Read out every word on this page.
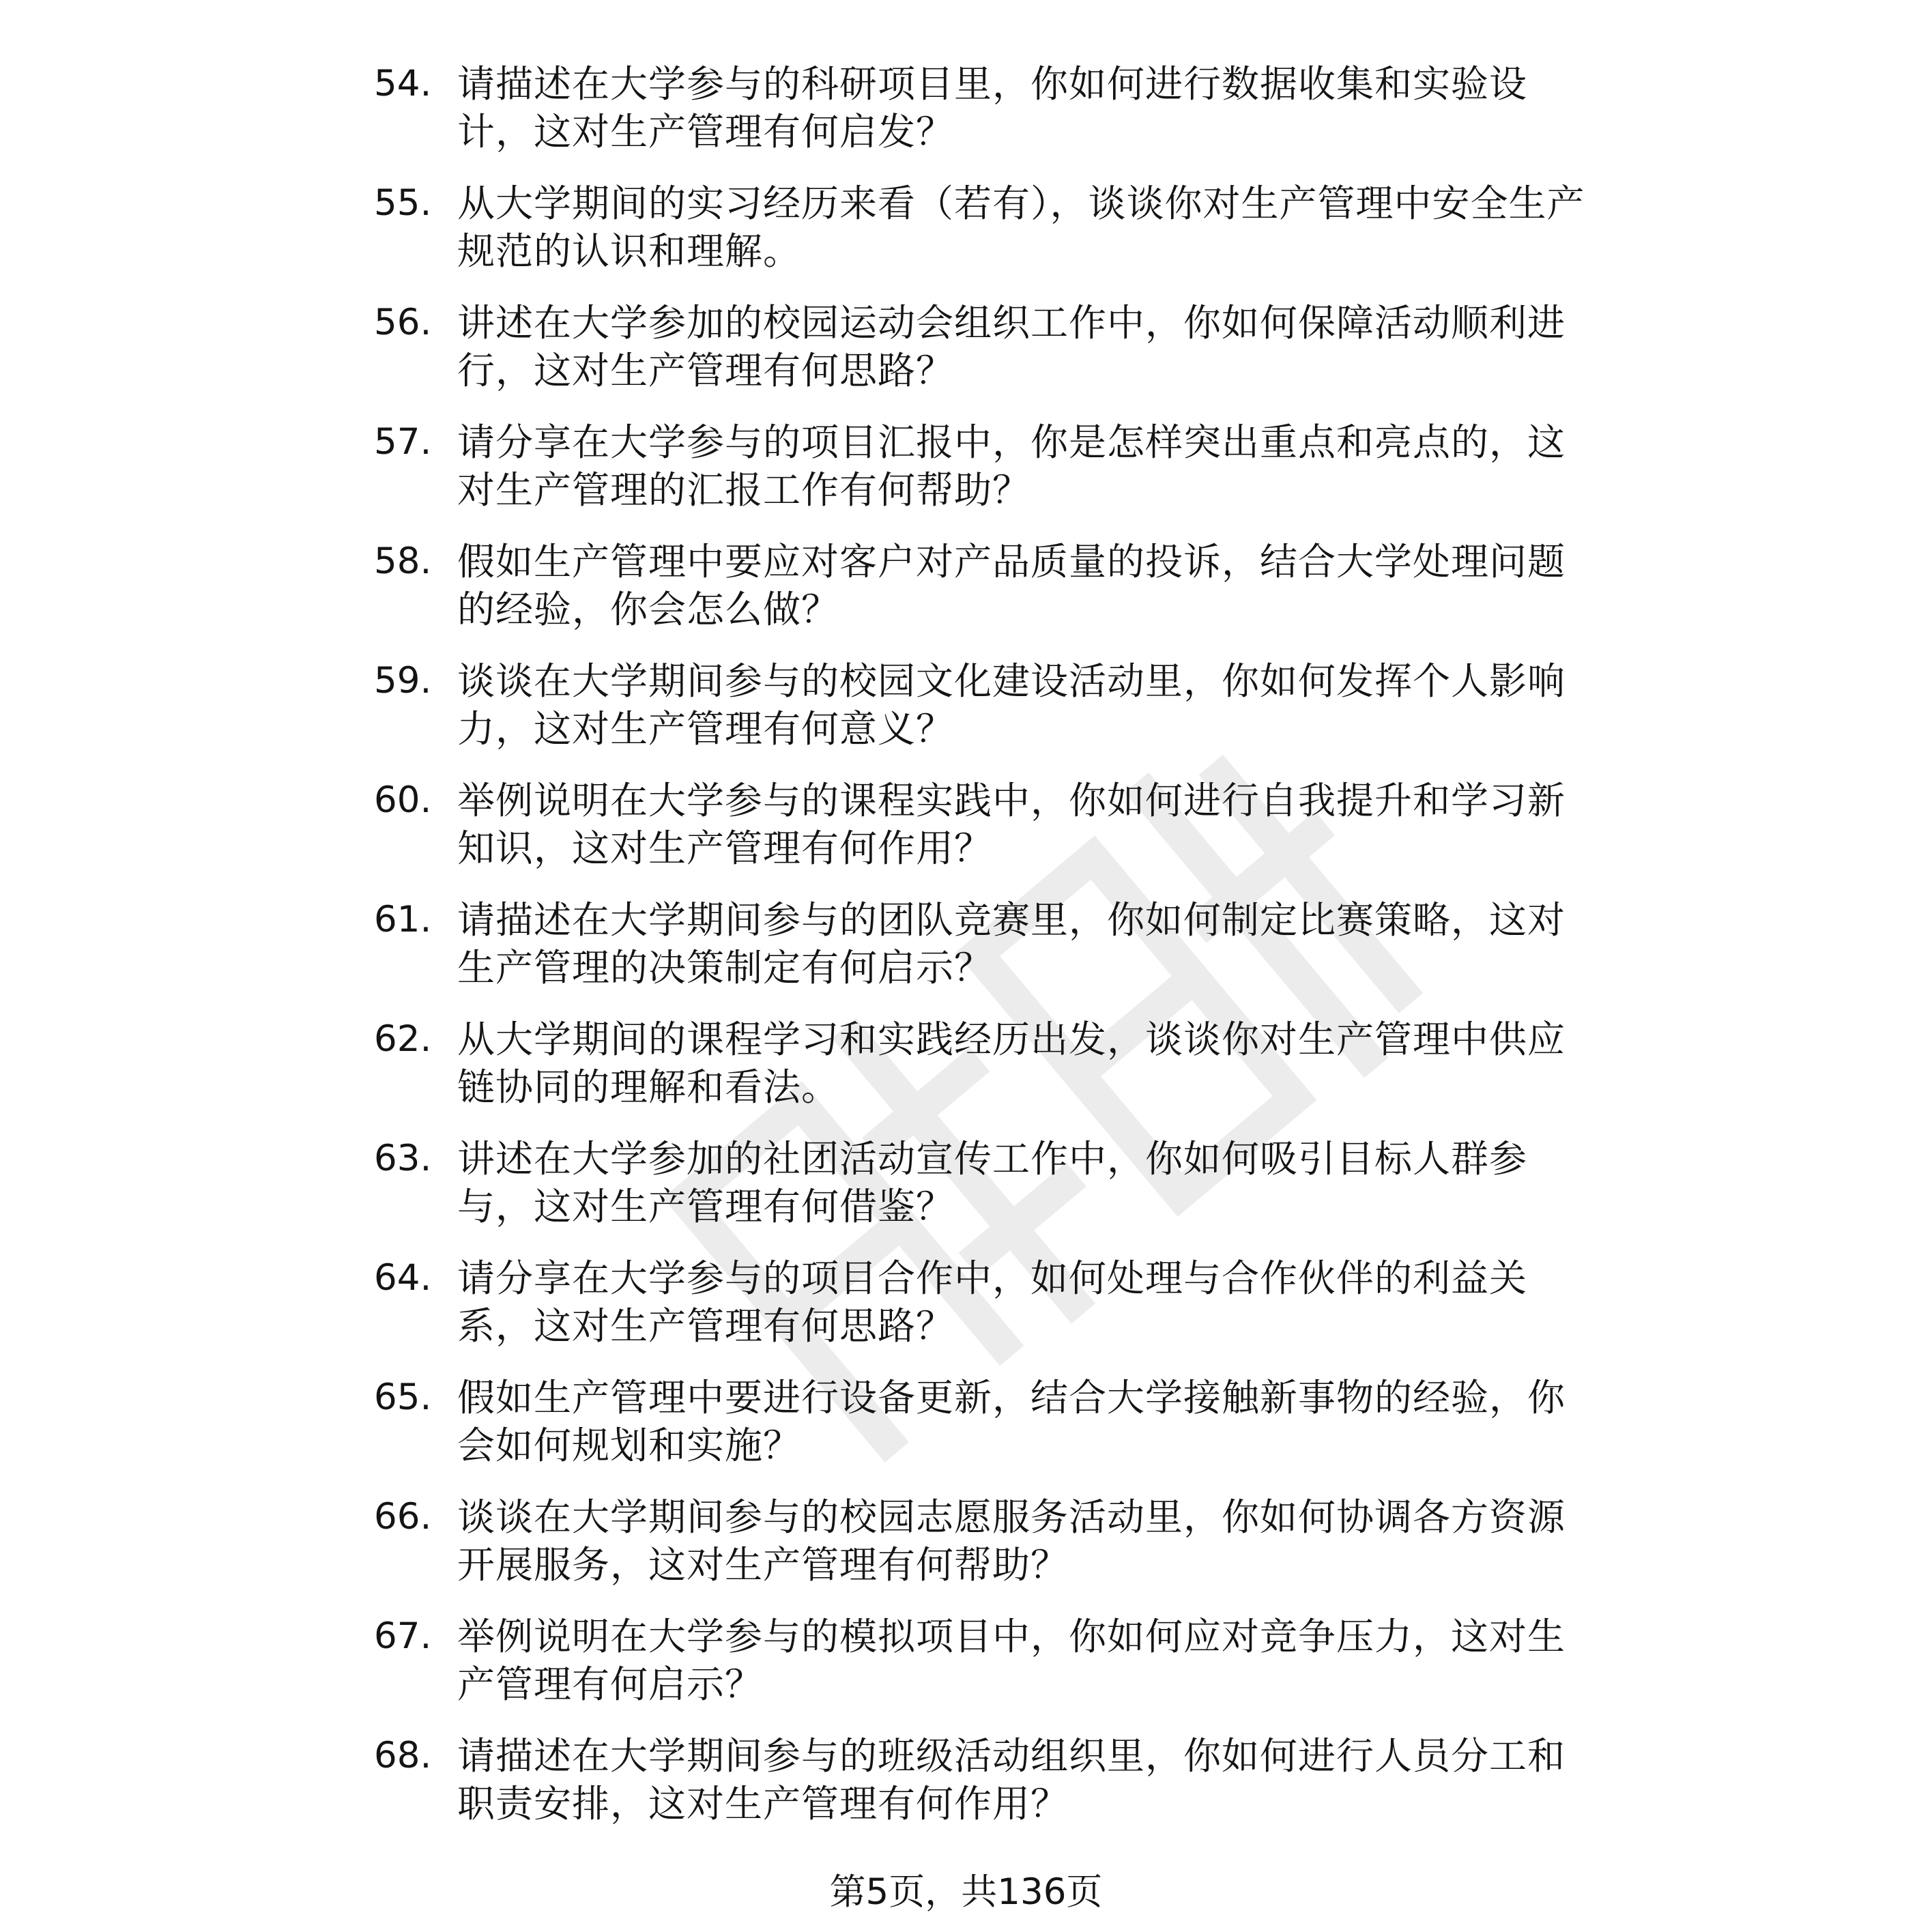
54. 请描述在大学参与的科研项目里，你如何进行数据收集和实验设计，这对生产管理有何启发？
55. 从大学期间的实习经历来看（若有），谈谈你对生产管理中安全生产规范的认识和理解。
56. 讲述在大学参加的校园运动会组织工作中，你如何保障活动顺利进行，这对生产管理有何思路？
57. 请分享在大学参与的项目汇报中，你是怎样突出重点和亮点的，这对生产管理的汇报工作有何帮助？
58. 假如生产管理中要应对客户对产品质量的投诉，结合大学处理问题的经验，你会怎么做？
59. 谈谈在大学期间参与的校园文化建设活动里，你如何发挥个人影响力，这对生产管理有何意义？
60. 举例说明在大学参与的课程实践中，你如何进行自我提升和学习新知识，这对生产管理有何作用？
61. 请描述在大学期间参与的团队竞赛里，你如何制定比赛策略，这对生产管理的决策制定有何启示？
62. 从大学期间的课程学习和实践经历出发，谈谈你对生产管理中供应链协同的理解和看法。
63. 讲述在大学参加的社团活动宣传工作中，你如何吸引目标人群参与，这对生产管理有何借鉴？
64. 请分享在大学参与的项目合作中，如何处理与合作伙伴的利益关系，这对生产管理有何思路？
65. 假如生产管理中要进行设备更新，结合大学接触新事物的经验，你会如何规划和实施？
66. 谈谈在大学期间参与的校园志愿服务活动里，你如何协调各方资源开展服务，这对生产管理有何帮助？
67. 举例说明在大学参与的模拟项目中，你如何应对竞争压力，这对生产管理有何启示？
68. 请描述在大学期间参与的班级活动组织里，你如何进行人员分工和职责安排，这对生产管理有何作用？
第5页，共136页
